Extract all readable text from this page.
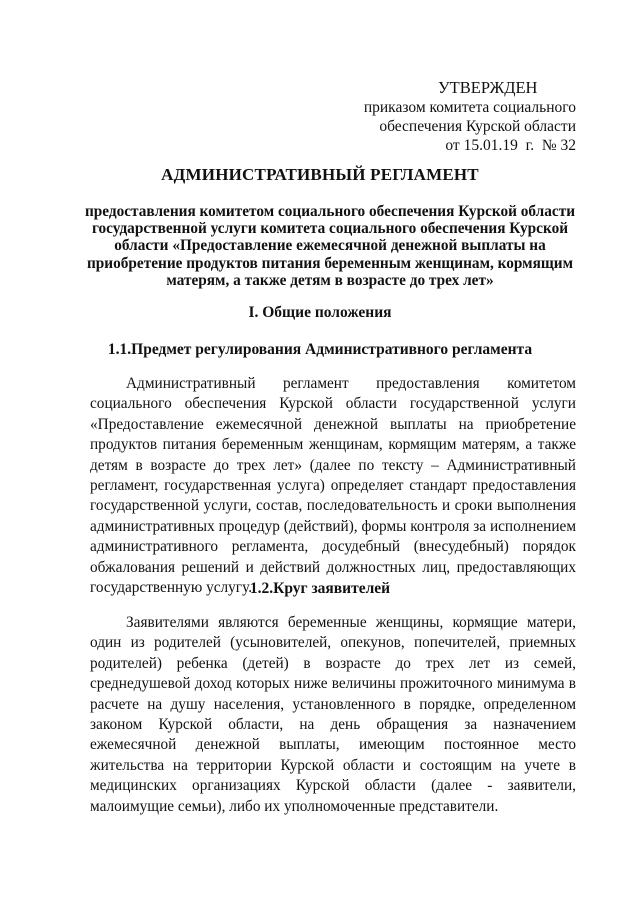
УТВЕРЖДЕН
приказом комитета социального
обеспечения Курской области
от
15.01.19
г.
№ 32
АДМИНИСТРАТИВНЫЙ РЕГЛАМЕНТ
предоставления комитетом социального обеспечения Курской области государственной услуги комитета социального обеспечения Курской области «Предоставление ежемесячной денежной выплаты на приобретение продуктов питания беременным женщинам, кормящим матерям, а также детям в возрасте до трех лет»
I. Общие положения
1.1.Предмет регулирования Административного регламента
Административный регламент предоставления комитетом социального обеспечения Курской области государственной услуги «Предоставление ежемесячной денежной выплаты на приобретение продуктов питания беременным женщинам, кормящим матерям, а также детям в возрасте до трех лет» (далее по тексту – Административный регламент, государственная услуга) определяет стандарт предоставления государственной услуги, состав, последовательность и сроки выполнения административных процедур (действий), формы контроля за исполнением административного регламента, досудебный (внесудебный) порядок обжалования решений и действий должностных лиц, предоставляющих государственную услугу.
1.2.Круг заявителей
Заявителями являются беременные женщины, кормящие матери, один из родителей (усыновителей, опекунов, попечителей, приемных родителей) ребенка (детей) в возрасте до трех лет из семей, среднедушевой доход которых ниже величины прожиточного минимума в расчете на душу населения, установленного в порядке, определенном законом Курской области, на день обращения за назначением ежемесячной денежной выплаты, имеющим постоянное место жительства на территории Курской области и состоящим на учете в медицинских организациях Курской области (далее - заявители, малоимущие семьи), либо их уполномоченные представители.
